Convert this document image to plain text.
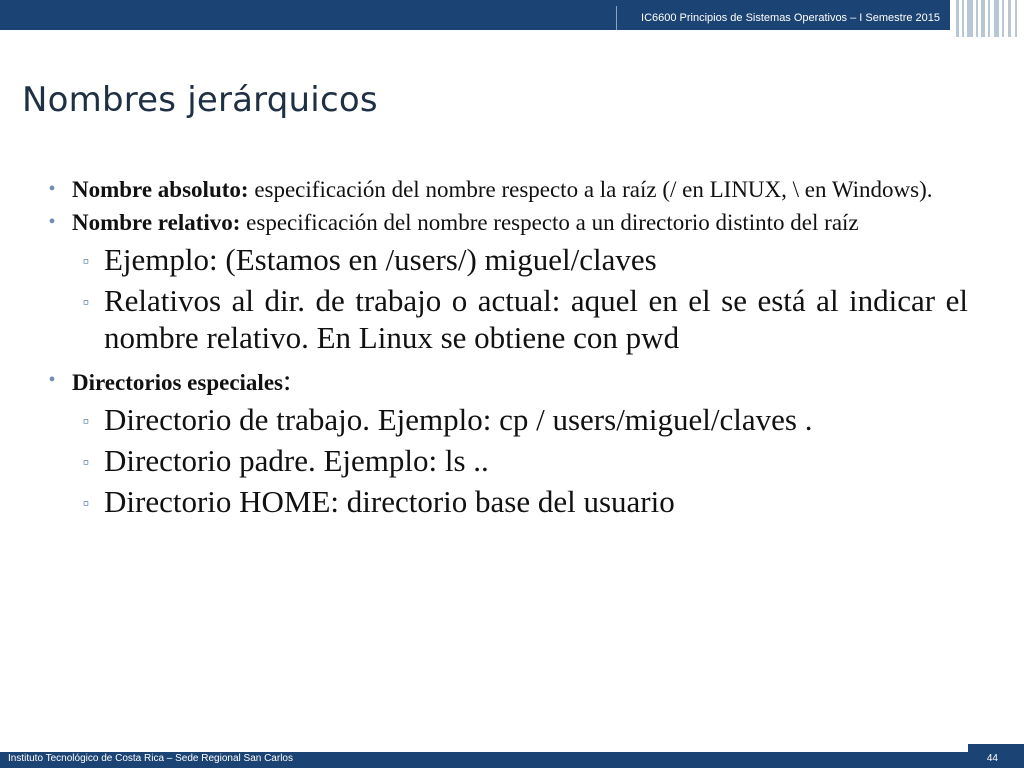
IC6600 Principios de Sistemas Operativos – I Semestre 2015
Nombres jerárquicos
• Nombre absoluto: especificación del nombre respecto a la raíz (/ en LINUX, \ en Windows).
• Nombre relativo: especificación del nombre respecto a un directorio distinto del raíz
▫ Ejemplo: (Estamos en /users/) miguel/claves
▫ Relativos al dir. de trabajo o actual: aquel en el se está al indicar el nombre relativo. En Linux se obtiene con pwd
• Directorios especiales:
▫ Directorio de trabajo. Ejemplo: cp / users/miguel/claves .
▫ Directorio padre. Ejemplo: ls ..
▫ Directorio HOME: directorio base del usuario
Instituto Tecnológico de Costa Rica – Sede Regional San Carlos	44
